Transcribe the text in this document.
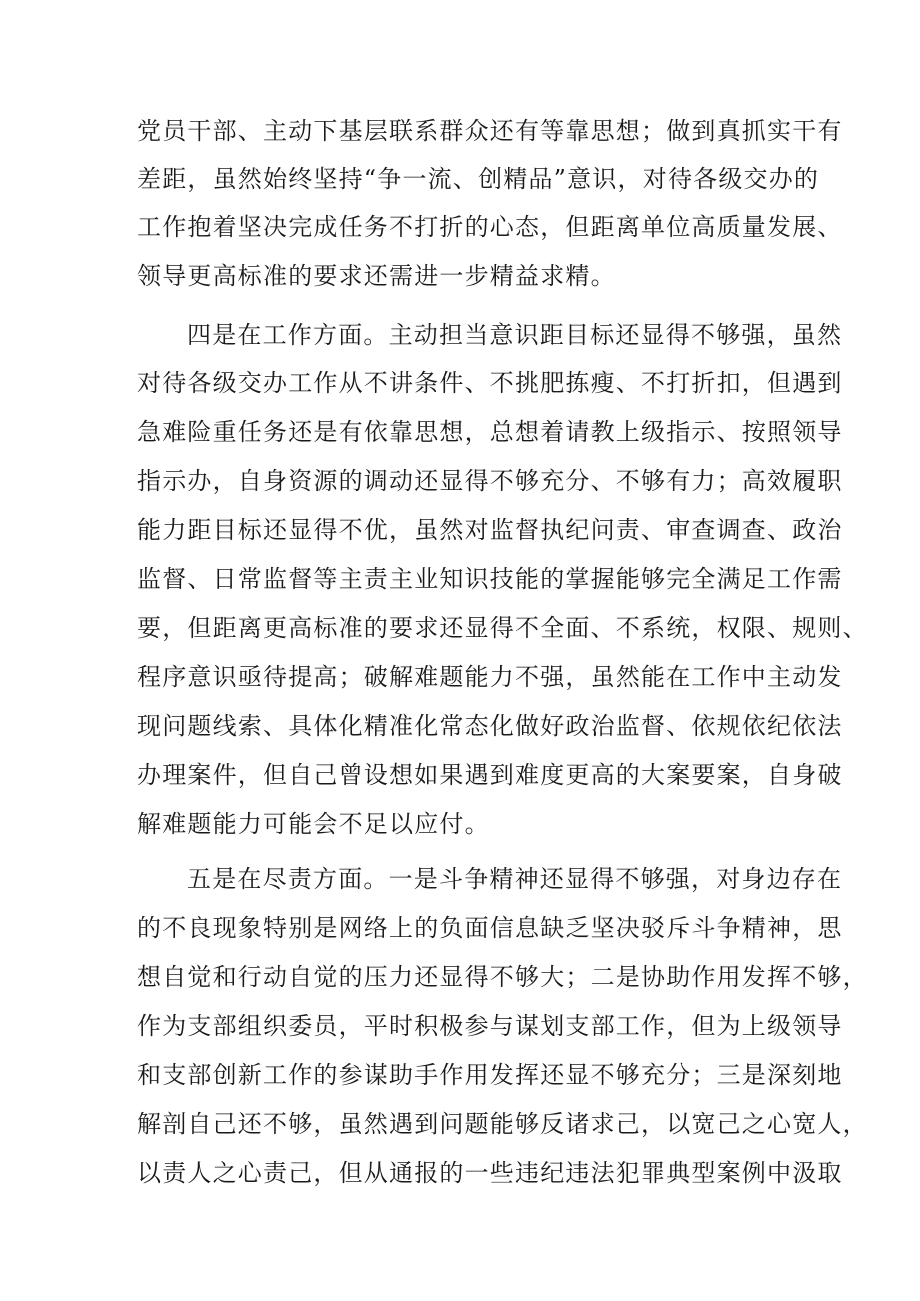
党员干部、主动下基层联系群众还有等靠思想；做到真抓实干有
差距，虽然始终坚持“争一流、创精品”意识，对待各级交办的
工作抱着坚决完成任务不打折的心态，但距离单位高质量发展、
领导更高标准的要求还需进一步精益求精。
四是在工作方面。主动担当意识距目标还显得不够强，虽然
对待各级交办工作从不讲条件、不挑肥拣瘦、不打折扣，但遇到
急难险重任务还是有依靠思想，总想着请教上级指示、按照领导
指示办，自身资源的调动还显得不够充分、不够有力；高效履职
能力距目标还显得不优，虽然对监督执纪问责、审查调查、政治
监督、日常监督等主责主业知识技能的掌握能够完全满足工作需
要，但距离更高标准的要求还显得不全面、不系统，权限、规则、
程序意识亟待提高；破解难题能力不强，虽然能在工作中主动发
现问题线索、具体化精准化常态化做好政治监督、依规依纪依法
办理案件，但自己曾设想如果遇到难度更高的大案要案，自身破
解难题能力可能会不足以应付。
五是在尽责方面。一是斗争精神还显得不够强，对身边存在
的不良现象特别是网络上的负面信息缺乏坚决驳斥斗争精神，思
想自觉和行动自觉的压力还显得不够大；二是协助作用发挥不够，
作为支部组织委员，平时积极参与谋划支部工作，但为上级领导
和支部创新工作的参谋助手作用发挥还显不够充分；三是深刻地
解剖自己还不够，虽然遇到问题能够反诸求己，以宽己之心宽人，
以责人之心责己，但从通报的一些违纪违法犯罪典型案例中汲取
